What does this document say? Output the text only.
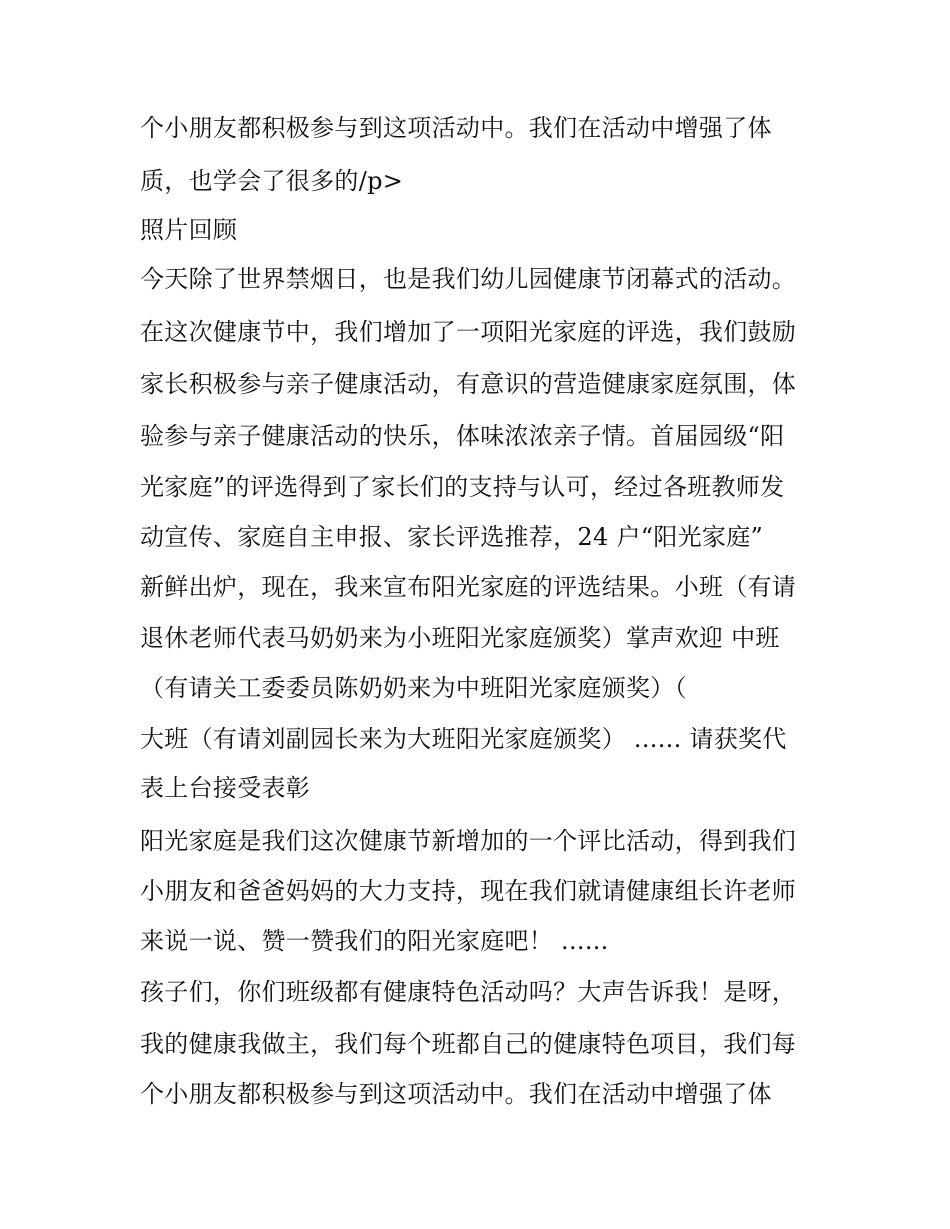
个小朋友都积极参与到这项活动中。我们在活动中增强了体
质，也学会了很多的/p>
照片回顾
今天除了世界禁烟日，也是我们幼儿园健康节闭幕式的活动。
在这次健康节中，我们增加了一项阳光家庭的评选，我们鼓励
家长积极参与亲子健康活动，有意识的营造健康家庭氛围，体
验参与亲子健康活动的快乐，体味浓浓亲子情。首届园级“阳
光家庭”的评选得到了家长们的支持与认可，经过各班教师发
动宣传、家庭自主申报、家长评选推荐，24 户“阳光家庭”
新鲜出炉，现在，我来宣布阳光家庭的评选结果。小班（有请
退休老师代表马奶奶来为小班阳光家庭颁奖）掌声欢迎 中班
（有请关工委委员陈奶奶来为中班阳光家庭颁奖）（
大班（有请刘副园长来为大班阳光家庭颁奖） ...... 请获奖代
表上台接受表彰
阳光家庭是我们这次健康节新增加的一个评比活动，得到我们
小朋友和爸爸妈妈的大力支持，现在我们就请健康组长许老师
来说一说、赞一赞我们的阳光家庭吧！ ......
孩子们，你们班级都有健康特色活动吗？大声告诉我！是呀，
我的健康我做主，我们每个班都自己的健康特色项目，我们每
个小朋友都积极参与到这项活动中。我们在活动中增强了体
